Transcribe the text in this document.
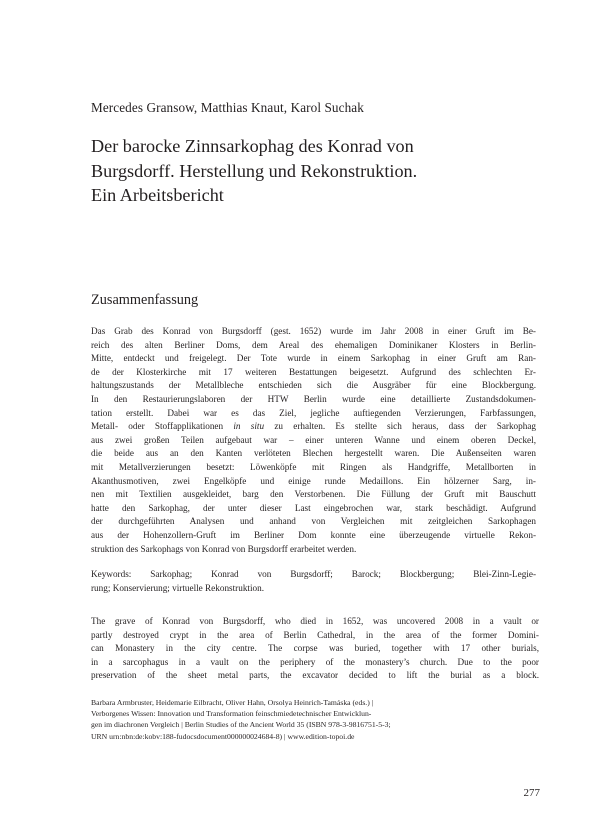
Mercedes Gransow, Matthias Knaut, Karol Suchak
Der barocke Zinnsarkophag des Konrad von
Burgsdorff. Herstellung und Rekonstruktion.
Ein Arbeitsbericht
Zusammenfassung
Das Grab des Konrad von Burgsdorff (gest. 1652) wurde im Jahr 2008 in einer Gruft im Be-
reich des alten Berliner Doms, dem Areal des ehemaligen Dominikaner Klosters in Berlin-
Mitte, entdeckt und freigelegt. Der Tote wurde in einem Sarkophag in einer Gruft am Ran-
de der Klosterkirche mit 17 weiteren Bestattungen beigesetzt. Aufgrund des schlechten Er-
haltungszustands der Metallbleche entschieden sich die Ausgräber für eine Blockbergung.
In den Restaurierungslaboren der HTW Berlin wurde eine detaillierte Zustandsdokumen-
tation erstellt. Dabei war es das Ziel, jegliche auftiegenden Verzierungen, Farbfassungen,
Metall- oder Stoffapplikationen in situ zu erhalten. Es stellte sich heraus, dass der Sarkophag
aus zwei großen Teilen aufgebaut war – einer unteren Wanne und einem oberen Deckel,
die beide aus an den Kanten verlöteten Blechen hergestellt waren. Die Außenseiten waren
mit Metallverzierungen besetzt: Löwenköpfe mit Ringen als Handgriffe, Metallborten in
Akanthusmotiven, zwei Engelköpfe und einige runde Medaillons. Ein hölzerner Sarg, in-
nen mit Textilien ausgekleidet, barg den Verstorbenen. Die Füllung der Gruft mit Bauschutt
hatte den Sarkophag, der unter dieser Last eingebrochen war, stark beschädigt. Aufgrund
der durchgeführten Analysen und anhand von Vergleichen mit zeitgleichen Sarkophagen
aus der Hohenzollern-Gruft im Berliner Dom konnte eine überzeugende virtuelle Rekon-
struktion des Sarkophags von Konrad von Burgsdorff erarbeitet werden.
Keywords: Sarkophag; Konrad von Burgsdorff; Barock; Blockbergung; Blei-Zinn-Legie-
rung; Konservierung; virtuelle Rekonstruktion.
The grave of Konrad von Burgsdorff, who died in 1652, was uncovered 2008 in a vault or
partly destroyed crypt in the area of Berlin Cathedral, in the area of the former Domini-
can Monastery in the city centre. The corpse was buried, together with 17 other burials,
in a sarcophagus in a vault on the periphery of the monastery’s church. Due to the poor
preservation of the sheet metal parts, the excavator decided to lift the burial as a block.
Barbara Armbruster, Heidemarie Eilbracht, Oliver Hahn, Orsolya Heinrich-Tamáska (eds.) |
Verborgenes Wissen: Innovation und Transformation feinschmiedetechnischer Entwicklun-
gen im diachronen Vergleich | Berlin Studies of the Ancient World 35 (ISBN 978-3-9816751-5-3;
URN urn:nbn:de:kobv:188-fudocsdocument000000024684-8) | www.edition-topoi.de
277
